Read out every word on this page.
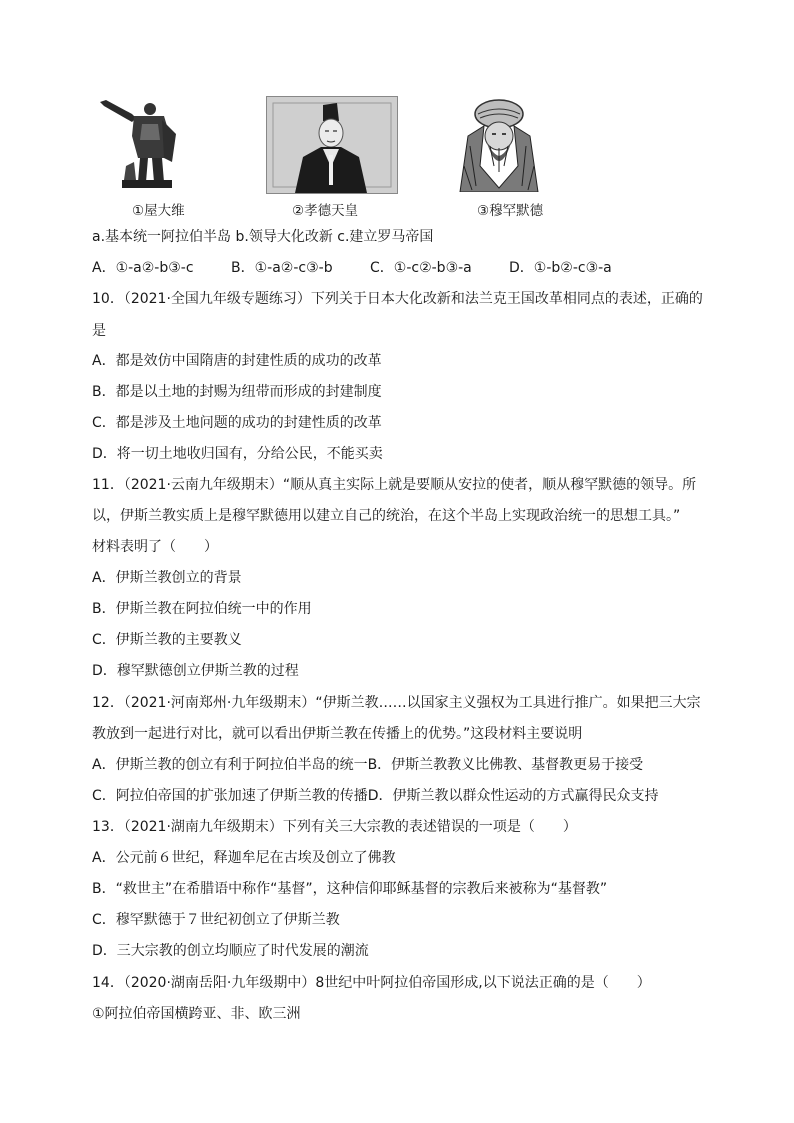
①屋大维	②孝德天皇	③穆罕默德
a.基本统一阿拉伯半岛 b.领导大化改新 c.建立罗马帝国
A．①-a②-b③-c	B．①-a②-c③-b	C．①-c②-b③-a	D．①-b②-c③-a
10．（2021·全国九年级专题练习）下列关于日本大化改新和法兰克王国改革相同点的表述，正确的
是
A．都是效仿中国隋唐的封建性质的成功的改革
B．都是以土地的封赐为纽带而形成的封建制度
C．都是涉及土地问题的成功的封建性质的改革
D．将一切土地收归国有，分给公民，不能买卖
11．（2021·云南九年级期末）“顺从真主实际上就是要顺从安拉的使者，顺从穆罕默德的领导。所
以，伊斯兰教实质上是穆罕默德用以建立自己的统治，在这个半岛上实现政治统一的思想工具。”
材料表明了（　　）
A．伊斯兰教创立的背景
B．伊斯兰教在阿拉伯统一中的作用
C．伊斯兰教的主要教义
D．穆罕默德创立伊斯兰教的过程
12．（2021·河南郑州·九年级期末）“伊斯兰教……以国家主义强权为工具进行推广。如果把三大宗
教放到一起进行对比，就可以看出伊斯兰教在传播上的优势。”这段材料主要说明
A．伊斯兰教的创立有利于阿拉伯半岛的统一B．伊斯兰教教义比佛教、基督教更易于接受
C．阿拉伯帝国的扩张加速了伊斯兰教的传播D．伊斯兰教以群众性运动的方式赢得民众支持
13．（2021·湖南九年级期末）下列有关三大宗教的表述错误的一项是（　　）
A．公元前６世纪，释迦牟尼在古埃及创立了佛教
B．“救世主”在希腊语中称作“基督”，这种信仰耶稣基督的宗教后来被称为“基督教”
C．穆罕默德于７世纪初创立了伊斯兰教
D．三大宗教的创立均顺应了时代发展的潮流
14．（2020·湖南岳阳·九年级期中）8世纪中叶阿拉伯帝国形成,以下说法正确的是（　　）
①阿拉伯帝国横跨亚、非、欧三洲
